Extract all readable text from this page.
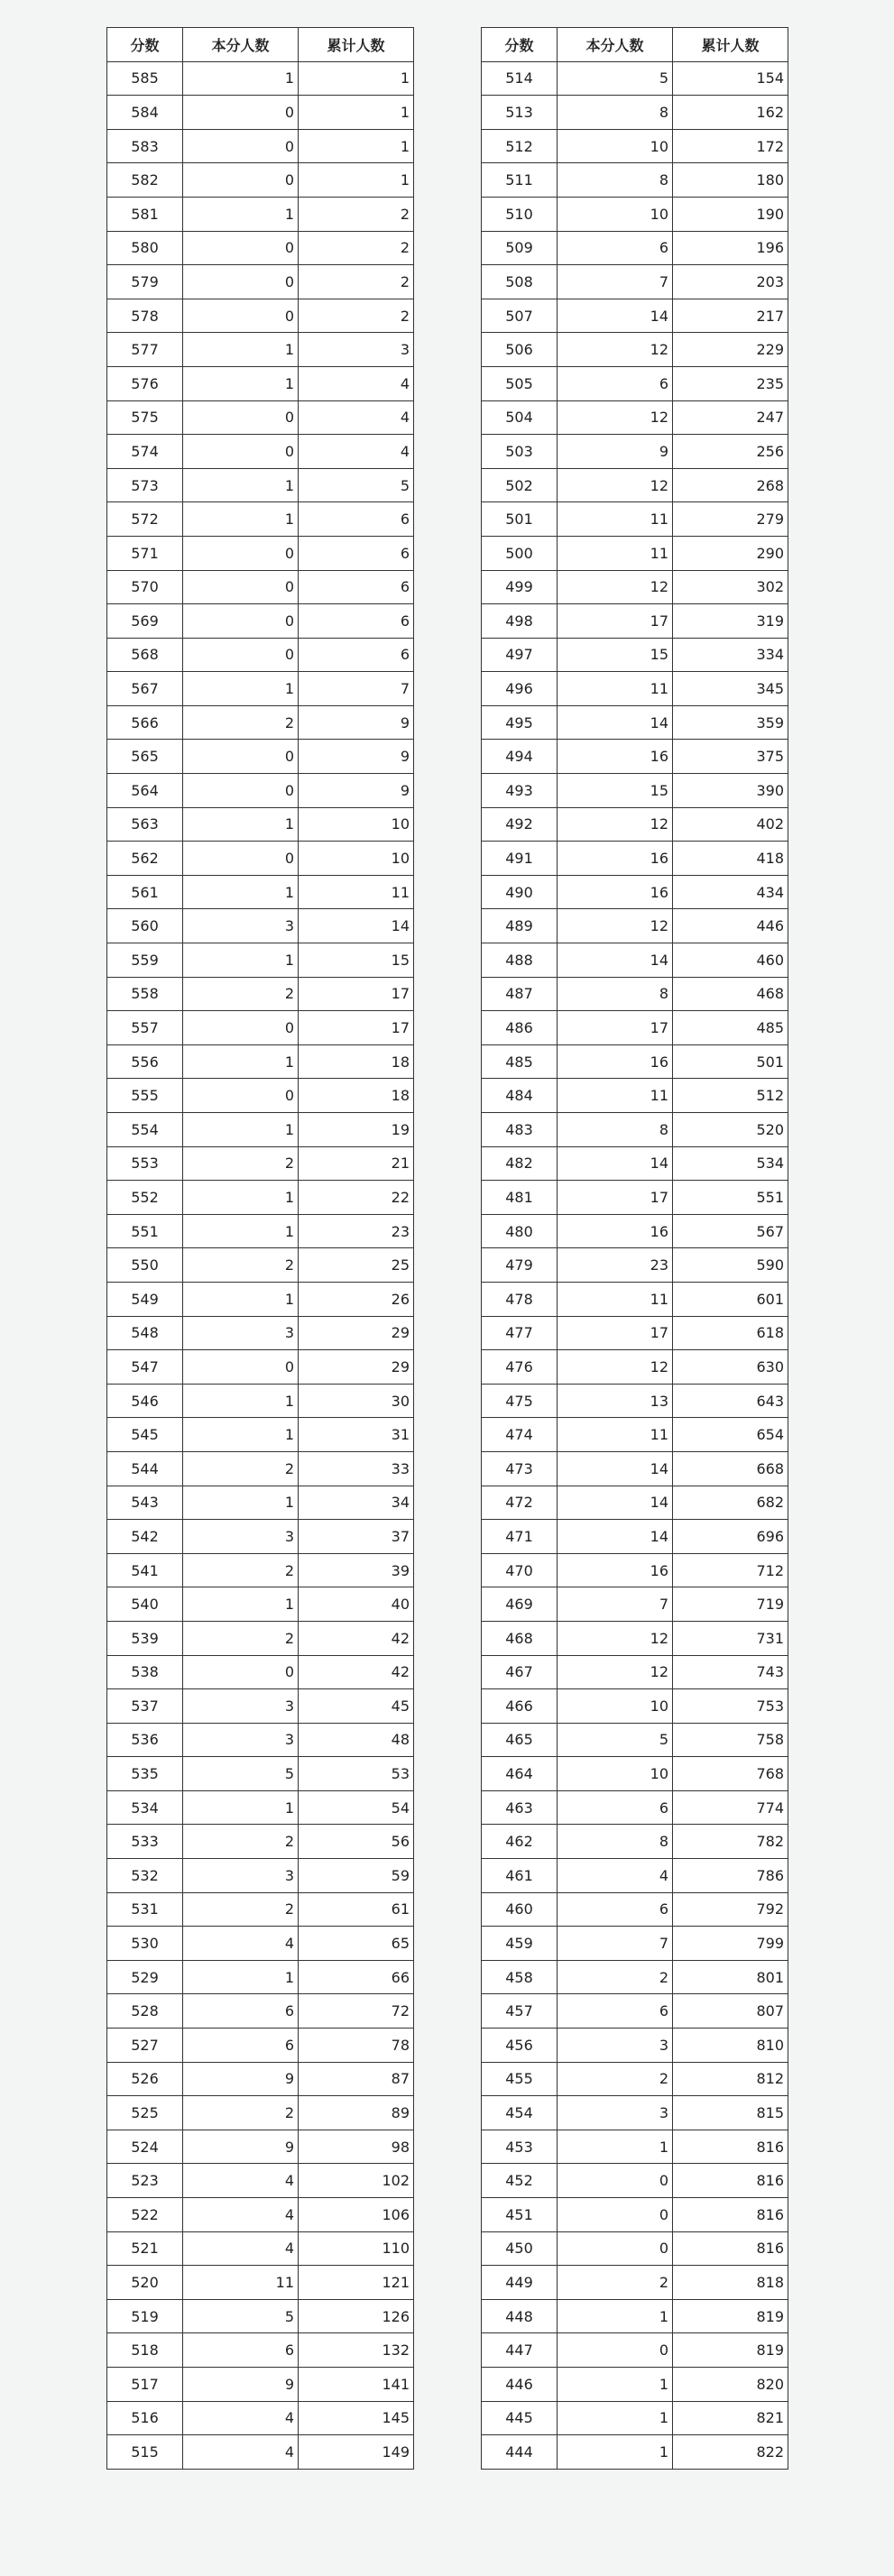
分数	本分人数	累计人数
585	1	1
584	0	1
583	0	1
582	0	1
581	1	2
580	0	2
579	0	2
578	0	2
577	1	3
576	1	4
575	0	4
574	0	4
573	1	5
572	1	6
571	0	6
570	0	6
569	0	6
568	0	6
567	1	7
566	2	9
565	0	9
564	0	9
563	1	10
562	0	10
561	1	11
560	3	14
559	1	15
558	2	17
557	0	17
556	1	18
555	0	18
554	1	19
553	2	21
552	1	22
551	1	23
550	2	25
549	1	26
548	3	29
547	0	29
546	1	30
545	1	31
544	2	33
543	1	34
542	3	37
541	2	39
540	1	40
539	2	42
538	0	42
537	3	45
536	3	48
535	5	53
534	1	54
533	2	56
532	3	59
531	2	61
530	4	65
529	1	66
528	6	72
527	6	78
526	9	87
525	2	89
524	9	98
523	4	102
522	4	106
521	4	110
520	11	121
519	5	126
518	6	132
517	9	141
516	4	145
515	4	149
分数	本分人数	累计人数
514	5	154
513	8	162
512	10	172
511	8	180
510	10	190
509	6	196
508	7	203
507	14	217
506	12	229
505	6	235
504	12	247
503	9	256
502	12	268
501	11	279
500	11	290
499	12	302
498	17	319
497	15	334
496	11	345
495	14	359
494	16	375
493	15	390
492	12	402
491	16	418
490	16	434
489	12	446
488	14	460
487	8	468
486	17	485
485	16	501
484	11	512
483	8	520
482	14	534
481	17	551
480	16	567
479	23	590
478	11	601
477	17	618
476	12	630
475	13	643
474	11	654
473	14	668
472	14	682
471	14	696
470	16	712
469	7	719
468	12	731
467	12	743
466	10	753
465	5	758
464	10	768
463	6	774
462	8	782
461	4	786
460	6	792
459	7	799
458	2	801
457	6	807
456	3	810
455	2	812
454	3	815
453	1	816
452	0	816
451	0	816
450	0	816
449	2	818
448	1	819
447	0	819
446	1	820
445	1	821
444	1	822
